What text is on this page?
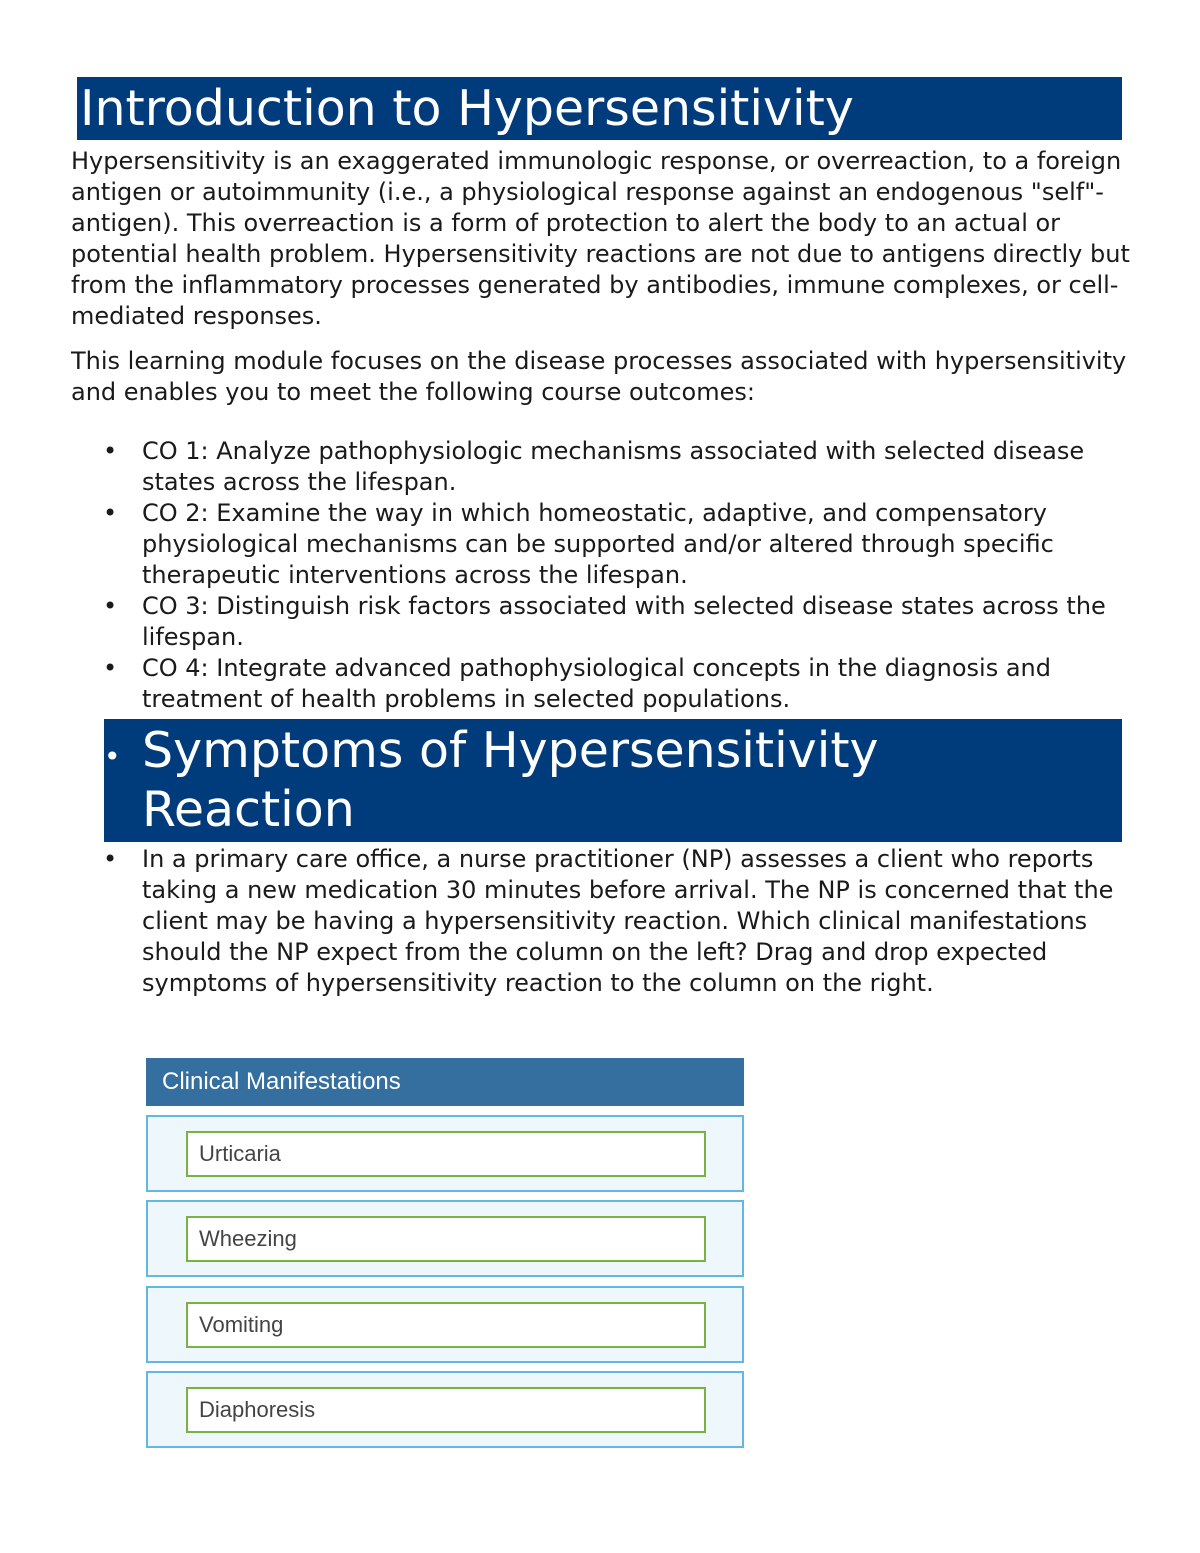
Introduction to Hypersensitivity

Hypersensitivity is an exaggerated immunologic response, or overreaction, to a foreign antigen or autoimmunity (i.e., a physiological response against an endogenous "self"-antigen). This overreaction is a form of protection to alert the body to an actual or potential health problem. Hypersensitivity reactions are not due to antigens directly but from the inflammatory processes generated by antibodies, immune complexes, or cell-mediated responses.

This learning module focuses on the disease processes associated with hypersensitivity and enables you to meet the following course outcomes:

• CO 1: Analyze pathophysiologic mechanisms associated with selected disease states across the lifespan.
• CO 2: Examine the way in which homeostatic, adaptive, and compensatory physiological mechanisms can be supported and/or altered through specific therapeutic interventions across the lifespan.
• CO 3: Distinguish risk factors associated with selected disease states across the lifespan.
• CO 4: Integrate advanced pathophysiological concepts in the diagnosis and treatment of health problems in selected populations.
• Symptoms of Hypersensitivity Reaction
• In a primary care office, a nurse practitioner (NP) assesses a client who reports taking a new medication 30 minutes before arrival. The NP is concerned that the client may be having a hypersensitivity reaction. Which clinical manifestations should the NP expect from the column on the left? Drag and drop expected symptoms of hypersensitivity reaction to the column on the right.
Clinical Manifestations
Urticaria
Wheezing
Vomiting
Diaphoresis
